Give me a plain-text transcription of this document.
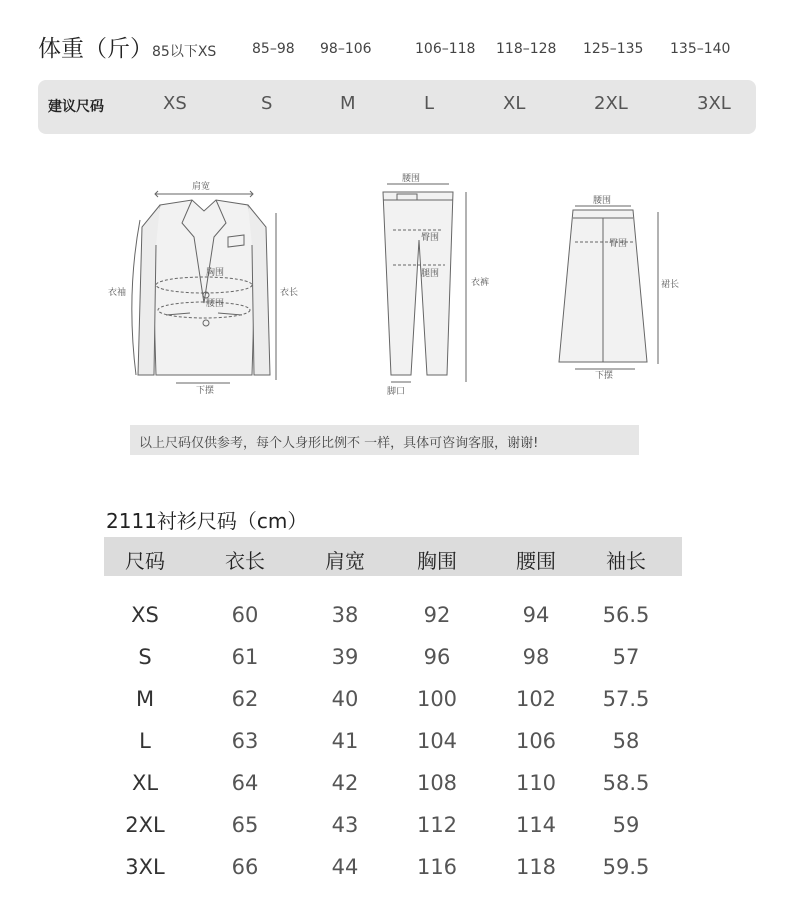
体重（斤） 85以下XS	85–98 98–106	106–118 118–128 125–135 135–140
建议尺码	XS	S	M	L	XL	2XL	3XL
肩宽
胸围
腰围
衣袖	衣长
下摆
腰围
臀围
腿围
衣裤
脚口
腰围
臀围
裙长
下摆
以上尺码仅供参考，每个人身形比例不 一样，具体可咨询客服，谢谢!
2111衬衫尺码（cm）
尺码	衣长	肩宽	胸围	腰围	袖长
XS	60	38	92	94	56.5
S	61	39	96	98	57
M	62	40	100	102 57.5
L	63	41	104	106	58
XL	64	42	108	110 58.5
2XL	65	43	112	114	59
3XL	66	44	116	118 59.5
